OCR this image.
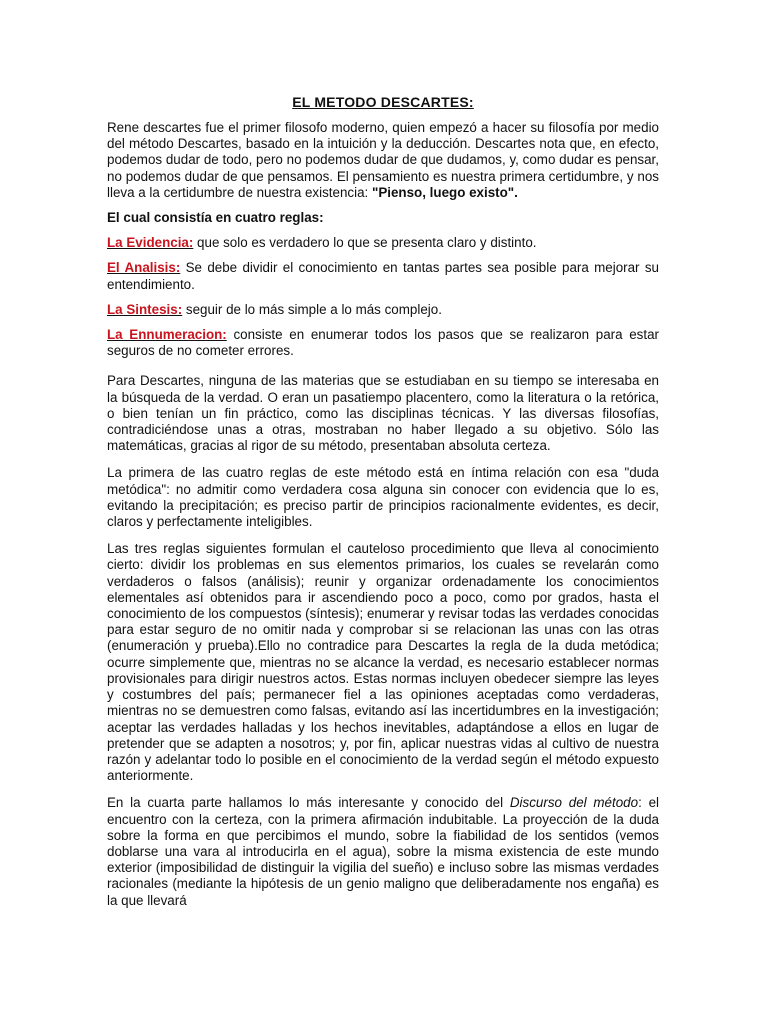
EL METODO DESCARTES:

Rene descartes fue el primer filosofo moderno, quien empezó a hacer su filosofía por medio del método Descartes, basado en la intuición y la deducción. Descartes nota que, en efecto, podemos dudar de todo, pero no podemos dudar de que dudamos, y, como dudar es pensar, no podemos dudar de que pensamos. El pensamiento es nuestra primera certidumbre, y nos lleva a la certidumbre de nuestra existencia: "Pienso, luego existo".

El cual consistía en cuatro reglas:

La Evidencia: que solo es verdadero lo que se presenta claro y distinto.

El Analisis: Se debe dividir el conocimiento en tantas partes sea posible para mejorar su entendimiento.

La Sintesis: seguir de lo más simple a lo más complejo.

La Ennumeracion: consiste en enumerar todos los pasos que se realizaron para estar seguros de no cometer errores.

Para Descartes, ninguna de las materias que se estudiaban en su tiempo se interesaba en la búsqueda de la verdad. O eran un pasatiempo placentero, como la literatura o la retórica, o bien tenían un fin práctico, como las disciplinas técnicas. Y las diversas filosofías, contradiciéndose unas a otras, mostraban no haber llegado a su objetivo. Sólo las matemáticas, gracias al rigor de su método, presentaban absoluta certeza.

La primera de las cuatro reglas de este método está en íntima relación con esa "duda metódica": no admitir como verdadera cosa alguna sin conocer con evidencia que lo es, evitando la precipitación; es preciso partir de principios racionalmente evidentes, es decir, claros y perfectamente inteligibles.

Las tres reglas siguientes formulan el cauteloso procedimiento que lleva al conocimiento cierto: dividir los problemas en sus elementos primarios, los cuales se revelarán como verdaderos o falsos (análisis); reunir y organizar ordenadamente los conocimientos elementales así obtenidos para ir ascendiendo poco a poco, como por grados, hasta el conocimiento de los compuestos (síntesis); enumerar y revisar todas las verdades conocidas para estar seguro de no omitir nada y comprobar si se relacionan las unas con las otras (enumeración y prueba).Ello no contradice para Descartes la regla de la duda metódica; ocurre simplemente que, mientras no se alcance la verdad, es necesario establecer normas provisionales para dirigir nuestros actos. Estas normas incluyen obedecer siempre las leyes y costumbres del país; permanecer fiel a las opiniones aceptadas como verdaderas, mientras no se demuestren como falsas, evitando así las incertidumbres en la investigación; aceptar las verdades halladas y los hechos inevitables, adaptándose a ellos en lugar de pretender que se adapten a nosotros; y, por fin, aplicar nuestras vidas al cultivo de nuestra razón y adelantar todo lo posible en el conocimiento de la verdad según el método expuesto anteriormente.

En la cuarta parte hallamos lo más interesante y conocido del Discurso del método: el encuentro con la certeza, con la primera afirmación indubitable. La proyección de la duda sobre la forma en que percibimos el mundo, sobre la fiabilidad de los sentidos (vemos doblarse una vara al introducirla en el agua), sobre la misma existencia de este mundo exterior (imposibilidad de distinguir la vigilia del sueño) e incluso sobre las mismas verdades racionales (mediante la hipótesis de un genio maligno que deliberadamente nos engaña) es la que llevará
